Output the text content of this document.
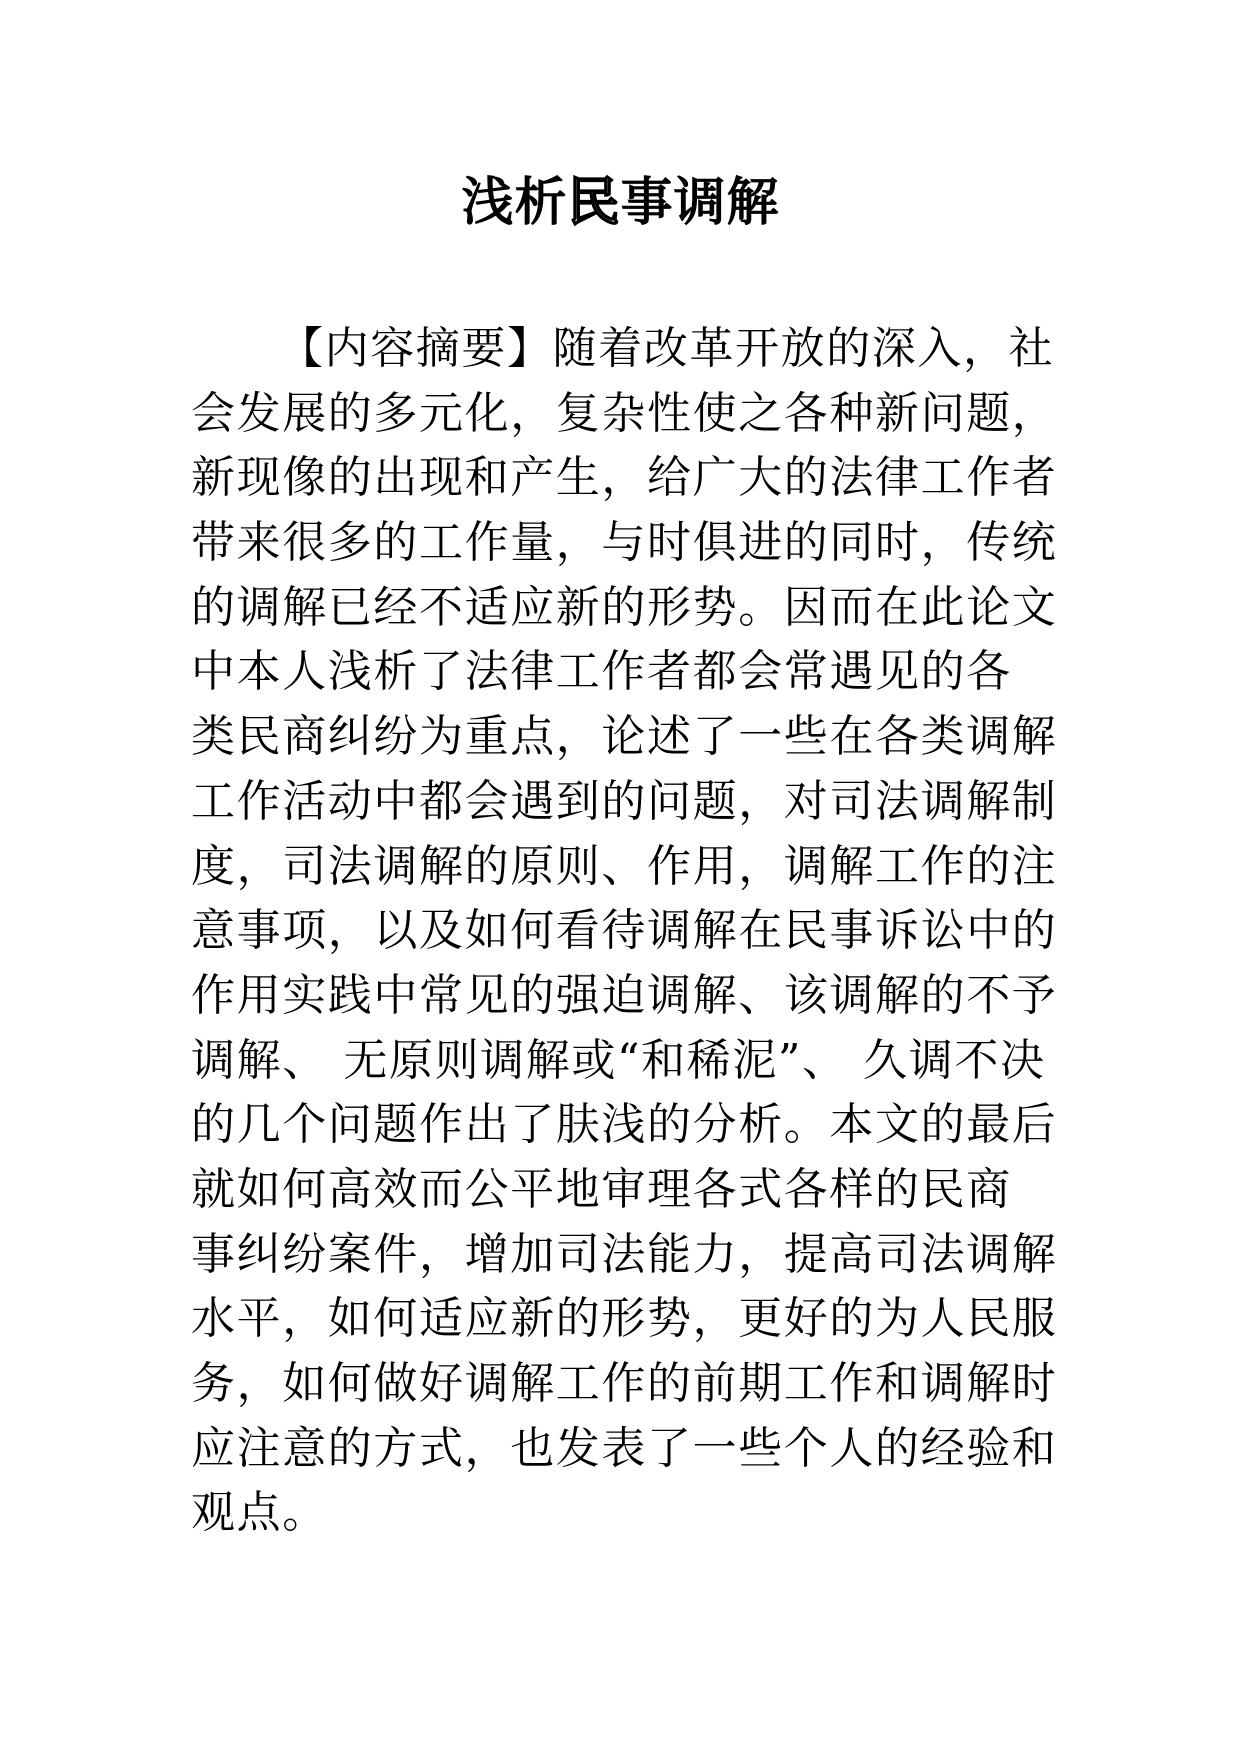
浅析民事调解
【内容摘要】随着改革开放的深入，社
会发展的多元化，复杂性使之各种新问题，
新现像的出现和产生，给广大的法律工作者
带来很多的工作量，与时俱进的同时，传统
的调解已经不适应新的形势。因而在此论文
中本人浅析了法律工作者都会常遇见的各
类民商纠纷为重点，论述了一些在各类调解
工作活动中都会遇到的问题，对司法调解制
度，司法调解的原则、作用，调解工作的注
意事项，以及如何看待调解在民事诉讼中的
作用实践中常见的强迫调解、该调解的不予
调解、 无原则调解或“和稀泥”、 久调不决
的几个问题作出了肤浅的分析。本文的最后
就如何高效而公平地审理各式各样的民商
事纠纷案件，增加司法能力，提高司法调解
水平，如何适应新的形势，更好的为人民服
务，如何做好调解工作的前期工作和调解时
应注意的方式，也发表了一些个人的经验和
观点。
